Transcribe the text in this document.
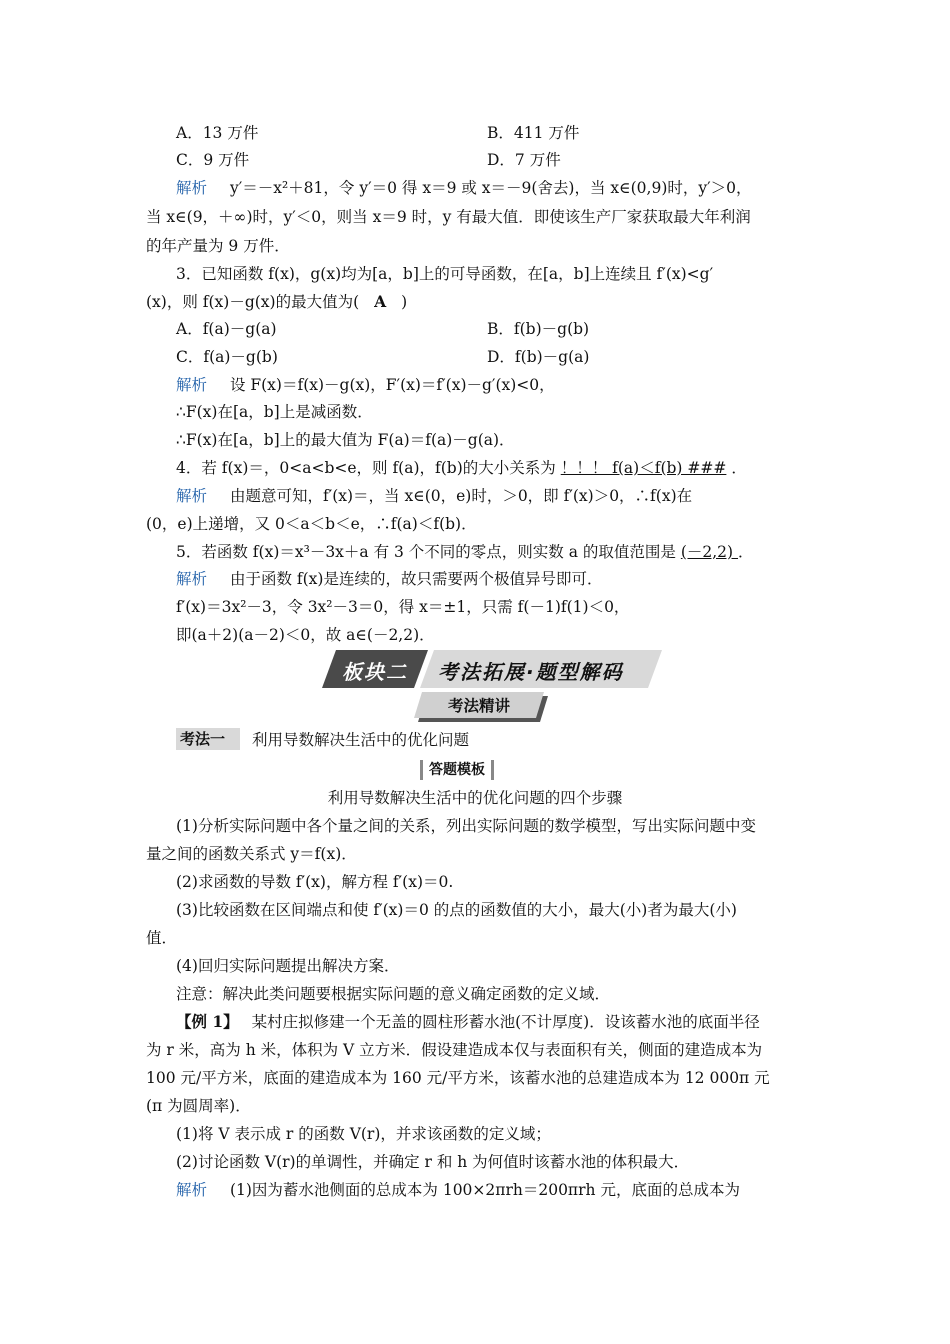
A．13 万件	B．411 万件
C．9 万件	D．7 万件
解析 y′＝－x²＋81，令 y′＝0 得 x＝9 或 x＝－9(舍去)，当 x∈(0,9)时，y′＞0，
当 x∈(9，＋∞)时，y′＜0，则当 x＝9 时，y 有最大值．即使该生产厂家获取最大年利润
的年产量为 9 万件．
3．已知函数 f(x)，g(x)均为[a，b]上的可导函数，在[a，b]上连续且 f′(x)<g′
(x)，则 f(x)－g(x)的最大值为( A )
A．f(a)－g(a)	B．f(b)－g(b)
C．f(a)－g(b)	D．f(b)－g(a)
解析 设 F(x)＝f(x)－g(x)，F′(x)＝f′(x)－g′(x)<0，
∴F(x)在[a，b]上是减函数．
∴F(x)在[a，b]上的最大值为 F(a)＝f(a)－g(a)．
4．若 f(x)＝，0<a<b<e，则 f(a)，f(b)的大小关系为 ！！！ f(a)＜f(b) ### ．
解析 由题意可知，f′(x)＝，当 x∈(0，e)时，＞0，即 f′(x)＞0，∴f(x)在
(0，e)上递增，又 0＜a＜b＜e，∴f(a)＜f(b)．
5．若函数 f(x)＝x³－3x＋a 有 3 个不同的零点，则实数 a 的取值范围是 (－2,2) ．
解析 由于函数 f(x)是连续的，故只需要两个极值异号即可．
f′(x)＝3x²－3，令 3x²－3＝0，得 x＝±1，只需 f(－1)f(1)＜0，
即(a＋2)(a－2)＜0，故 a∈(－2,2)．
板块二 考法拓展·题型解码
考法精讲
考法一	利用导数解决生活中的优化问题
答题模板
利用导数解决生活中的优化问题的四个步骤
(1)分析实际问题中各个量之间的关系，列出实际问题的数学模型，写出实际问题中变
量之间的函数关系式 y＝f(x)．
(2)求函数的导数 f′(x)，解方程 f′(x)＝0.
(3)比较函数在区间端点和使 f′(x)＝0 的点的函数值的大小，最大(小)者为最大(小)
值．
(4)回归实际问题提出解决方案．
注意：解决此类问题要根据实际问题的意义确定函数的定义域．
【例 1】 某村庄拟修建一个无盖的圆柱形蓄水池(不计厚度)．设该蓄水池的底面半径
为 r 米，高为 h 米，体积为 V 立方米．假设建造成本仅与表面积有关，侧面的建造成本为
100 元/平方米，底面的建造成本为 160 元/平方米，该蓄水池的总建造成本为 12 000π 元
(π 为圆周率)．
(1)将 V 表示成 r 的函数 V(r)，并求该函数的定义域；
(2)讨论函数 V(r)的单调性，并确定 r 和 h 为何值时该蓄水池的体积最大．
解析 (1)因为蓄水池侧面的总成本为 100×2πrh＝200πrh 元，底面的总成本为
